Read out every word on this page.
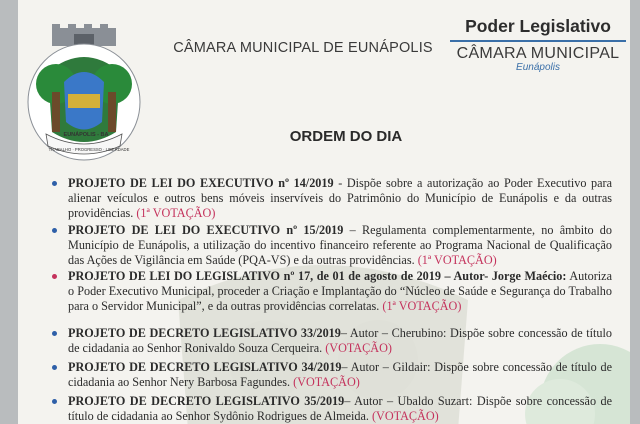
EUNÁPOLIS - BA
TRABALHO · PROGRESSO · LIBERDADE
CÂMARA MUNICIPAL DE EUNÁPOLIS
Poder Legislativo
CÂMARA MUNICIPAL
Eunápolis
ORDEM DO DIA
PROJETO DE LEI DO EXECUTIVO nº 14/2019 - Dispõe sobre a autorização ao Poder Executivo para alienar veículos e outros bens móveis inservíveis do Patrimônio do Município de Eunápolis e da outras providências. (1ª VOTAÇÃO)
PROJETO DE LEI DO EXECUTIVO nº 15/2019 – Regulamenta complementarmente, no âmbito do Município de Eunápolis, a utilização do incentivo financeiro referente ao Programa Nacional de Qualificação das Ações de Vigilância em Saúde (PQA-VS) e da outras providências. (1ª VOTAÇÃO)
PROJETO DE LEI DO LEGISLATIVO nº 17, de 01 de agosto de 2019 – Autor- Jorge Maécio: Autoriza o Poder Executivo Municipal, proceder a Criação e Implantação do “Núcleo de Saúde e Segurança do Trabalho para o Servidor Municipal”, e da outras providências correlatas. (1ª VOTAÇÃO)
PROJETO DE DECRETO LEGISLATIVO 33/2019– Autor – Cherubino: Dispõe sobre concessão de título de cidadania ao Senhor Ronivaldo Souza Cerqueira. (VOTAÇÃO)
PROJETO DE DECRETO LEGISLATIVO 34/2019– Autor – Gildair: Dispõe sobre concessão de título de cidadania ao Senhor Nery Barbosa Fagundes. (VOTAÇÃO)
PROJETO DE DECRETO LEGISLATIVO 35/2019– Autor – Ubaldo Suzart: Dispõe sobre concessão de título de cidadania ao Senhor Sydônio Rodrigues de Almeida. (VOTAÇÃO)
